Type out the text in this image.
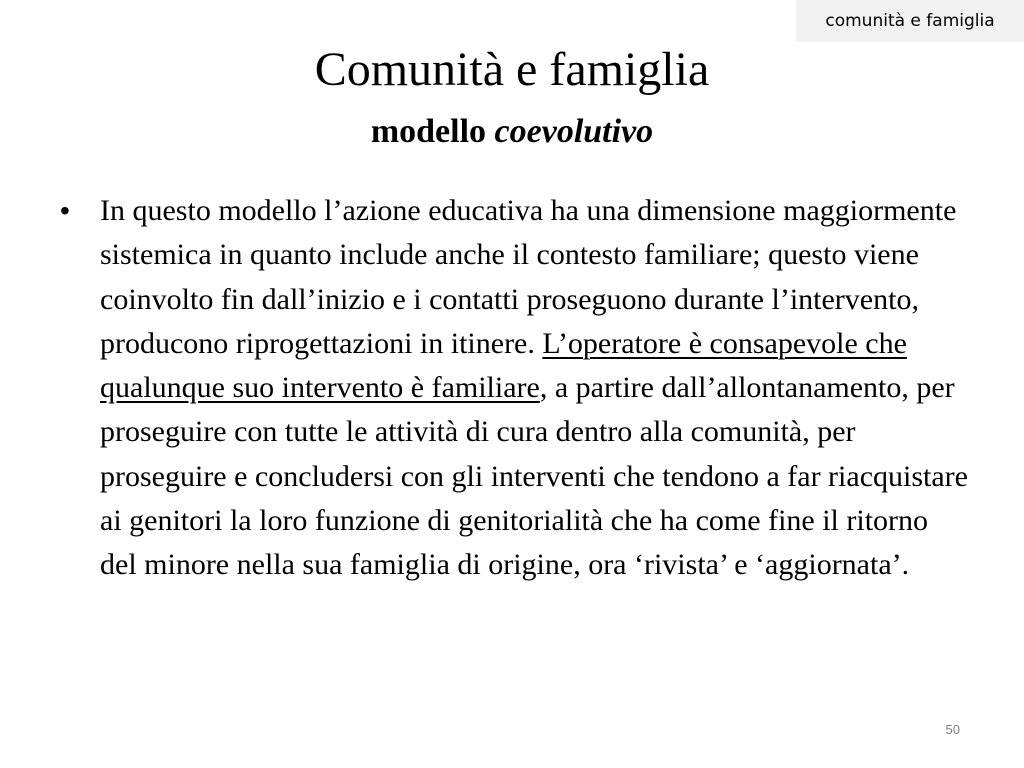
comunità e famiglia
Comunità e famiglia
modello coevolutivo
•	In questo modello l’azione educativa ha una dimensione maggiormente sistemica in quanto include anche il contesto familiare; questo viene coinvolto fin dall’inizio e i contatti proseguono durante l’intervento, producono riprogettazioni in itinere. L’operatore è consapevole che qualunque suo intervento è familiare, a partire dall’allontanamento, per proseguire con tutte le attività di cura dentro alla comunità, per proseguire e concludersi con gli interventi che tendono a far riacquistare ai genitori la loro funzione di genitorialità che ha come fine il ritorno del minore nella sua famiglia di origine, ora ‘rivista’ e ‘aggiornata’.
50
